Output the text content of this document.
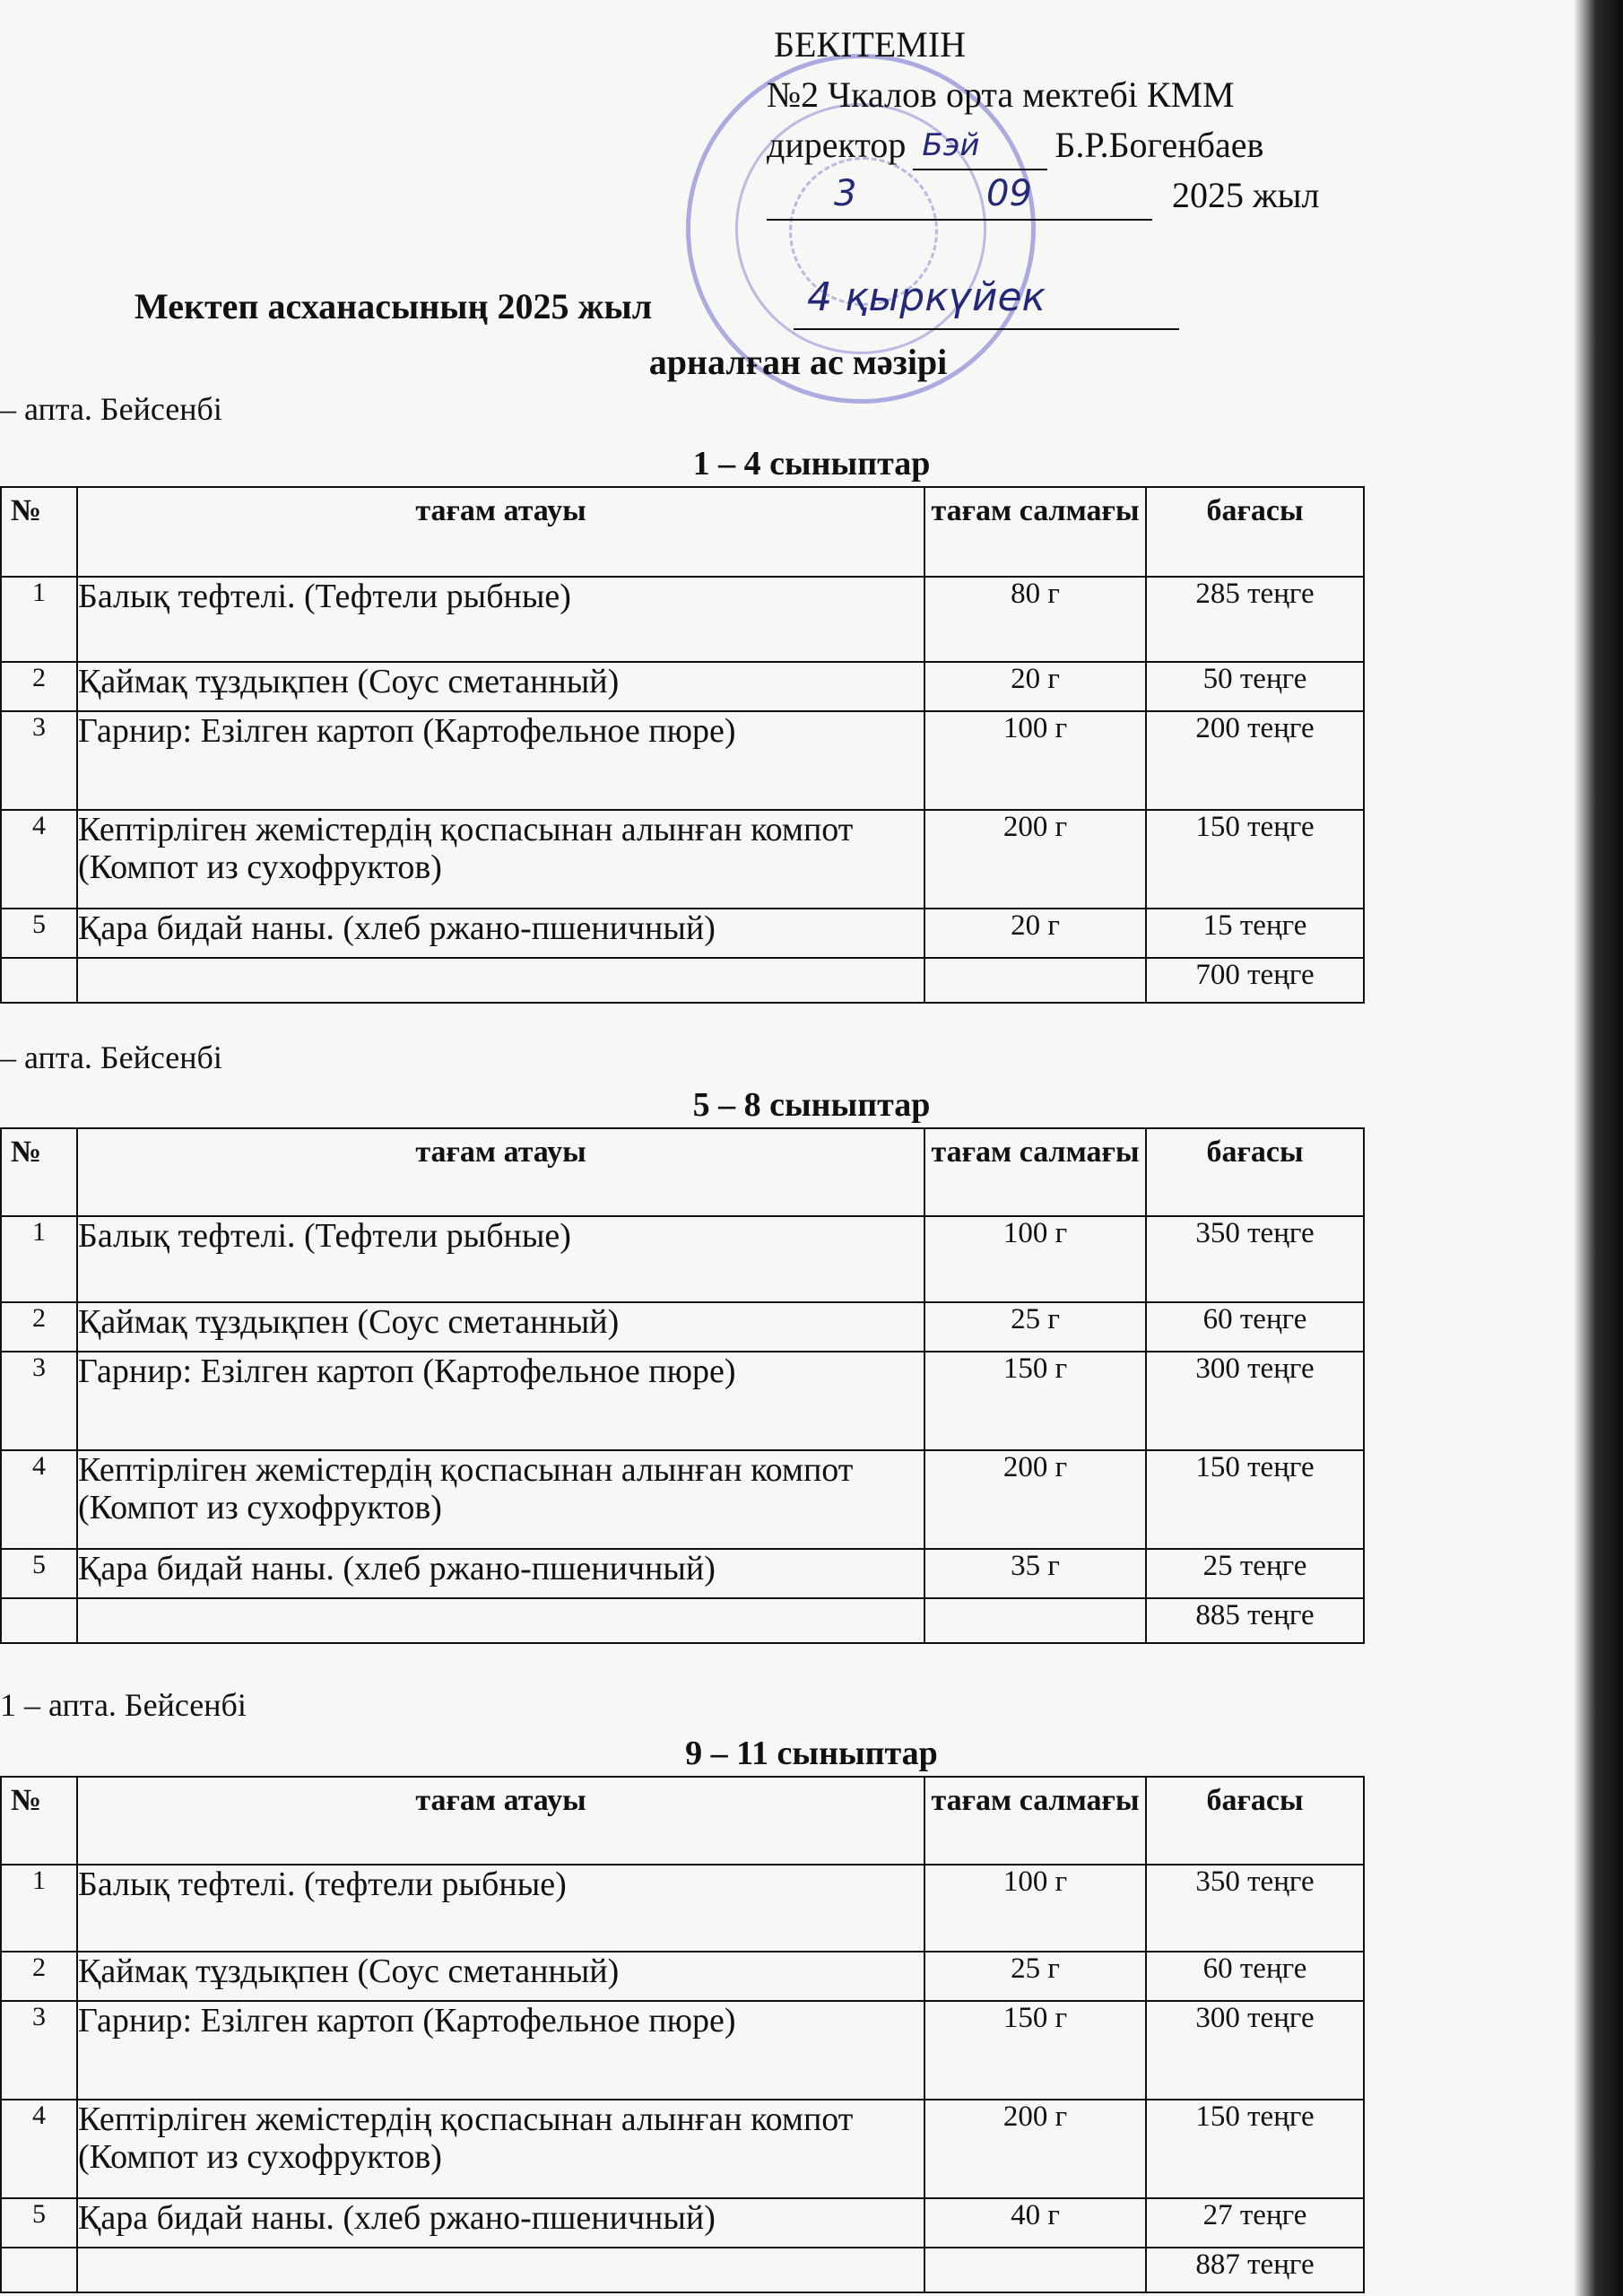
БЕКІТЕМІН
№2 Чкалов орта мектебі КММ
директор Бэй Б.Р.Богенбаев
3	09	2025 жыл
Мектеп асханасының 2025 жыл	4 қыркүйек
арналған ас мәзірі
– апта. Бейсенбі
1 – 4 сыныптар
№	тағам атауы	тағам салмағы	бағасы
1	Балық тефтелі. (Тефтели рыбные)	80 г	285 теңге
2	Қаймақ тұздықпен (Соус сметанный)	20 г	50 теңге
3	Гарнир: Езілген картоп (Картофельное пюре)	100 г	200 теңге
4	Кептірліген жемістердің қоспасынан алынған компот (Компот из сухофруктов)	200 г	150 теңге
5	Қара бидай наны. (хлеб ржано-пшеничный)	20 г	15 теңге
			700 теңге
– апта. Бейсенбі
5 – 8 сыныптар
№	тағам атауы	тағам салмағы	бағасы
1	Балық тефтелі. (Тефтели рыбные)	100 г	350 теңге
2	Қаймақ тұздықпен (Соус сметанный)	25 г	60 теңге
3	Гарнир: Езілген картоп (Картофельное пюре)	150 г	300 теңге
4	Кептірліген жемістердің қоспасынан алынған компот (Компот из сухофруктов)	200 г	150 теңге
5	Қара бидай наны. (хлеб ржано-пшеничный)	35 г	25 теңге
			885 теңге
1 – апта. Бейсенбі
9 – 11 сыныптар
№	тағам атауы	тағам салмағы	бағасы
1	Балық тефтелі. (тефтели рыбные)	100 г	350 теңге
2	Қаймақ тұздықпен (Соус сметанный)	25 г	60 теңге
3	Гарнир: Езілген картоп (Картофельное пюре)	150 г	300 теңге
4	Кептірліген жемістердің қоспасынан алынған компот (Компот из сухофруктов)	200 г	150 теңге
5	Қара бидай наны. (хлеб ржано-пшеничный)	40 г	27 теңге
			887 теңге
